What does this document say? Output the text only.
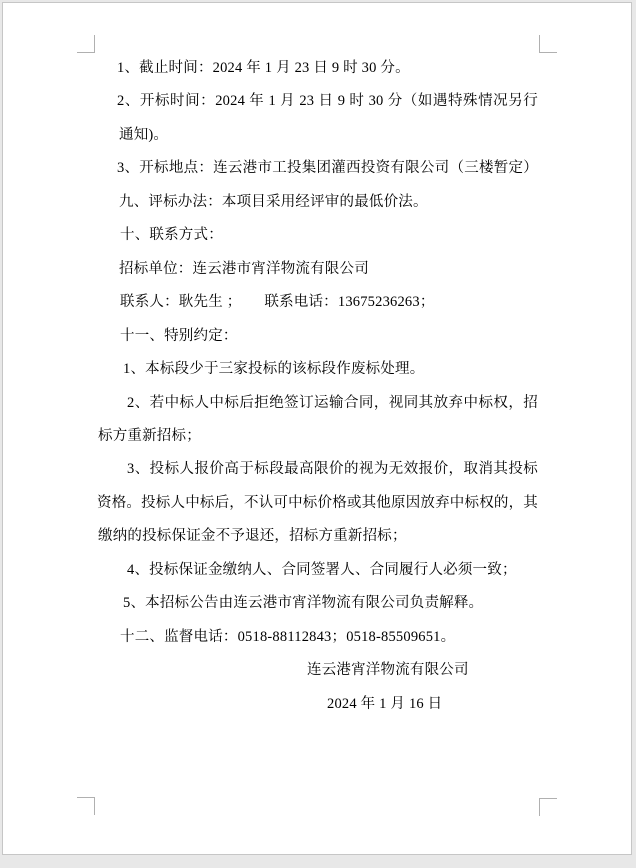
1、截止时间：2024 年 1 月 23 日 9 时 30 分。
2、开标时间：2024 年 1 月 23 日 9 时 30 分（如遇特殊情况另行
通知)。
3、开标地点：连云港市工投集团灌西投资有限公司（三楼暂定）
九、评标办法：本项目采用经评审的最低价法。
十、联系方式：
招标单位：连云港市宵洋物流有限公司
联系人：耿先生 ；      联系电话：13675236263；
十一、特别约定：
1、本标段少于三家投标的该标段作废标处理。
2、若中标人中标后拒绝签订运输合同，视同其放弃中标权，招
标方重新招标；
3、投标人报价高于标段最高限价的视为无效报价，取消其投标
资格。投标人中标后，不认可中标价格或其他原因放弃中标权的，其
缴纳的投标保证金不予退还，招标方重新招标；
4、投标保证金缴纳人、合同签署人、合同履行人必须一致；
5、本招标公告由连云港市宵洋物流有限公司负责解释。
十二、监督电话：0518-88112843；0518-85509651。
连云港宵洋物流有限公司
2024 年 1 月 16 日
